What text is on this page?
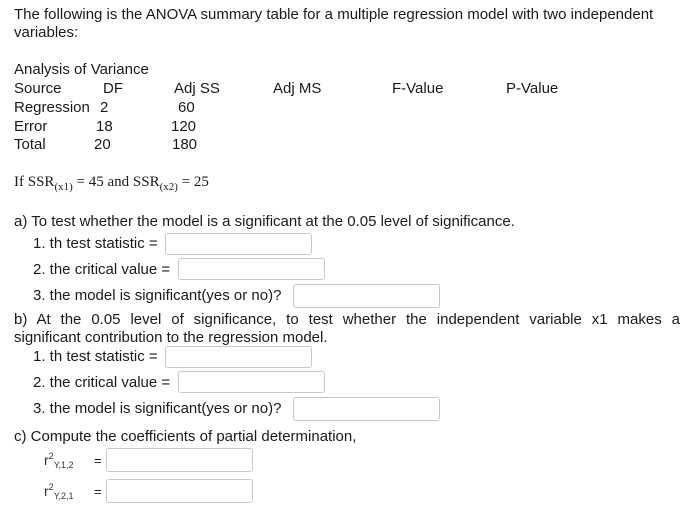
The following is the ANOVA summary table for a multiple regression model with two independent
variables:
Analysis of Variance
Source	DF	Adj SS	Adj MS	F-Value	P-Value
Regression 2	60
Error	18	120
Total	20	180
If $SSR_{(x1)} = 45$ and $SSR_{(x2)} = 25$
a) To test whether the model is a significant at the 0.05 level of significance.
1. th test statistic =
2. the critical value =
3. the model is significant(yes or no)?
b) At the 0.05 level of significance, to test whether the independent variable x1 makes a
significant contribution to the regression model.
1. th test statistic =
2. the critical value =
3. the model is significant(yes or no)?
c) Compute the coefficients of partial determination,
$r^2_{Y,1,2}$ =
$r^2_{Y,2,1}$ =
